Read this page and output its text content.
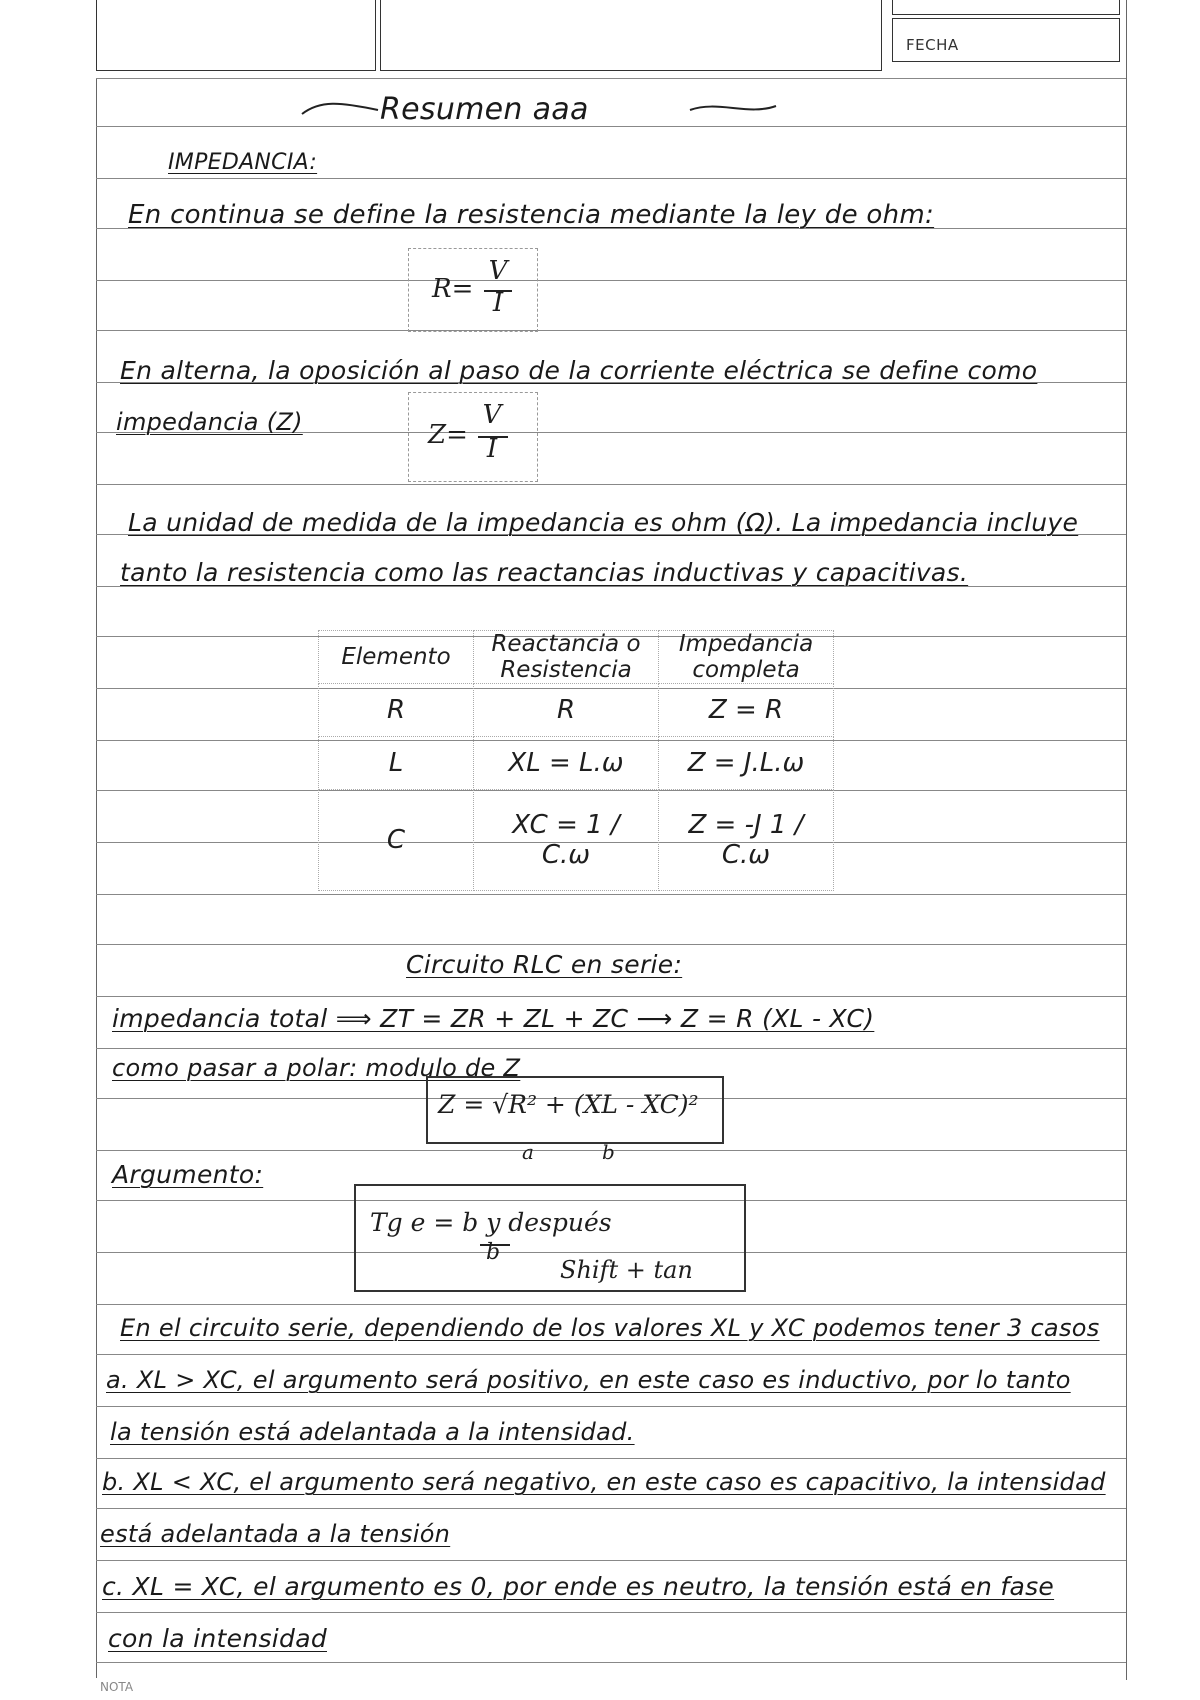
FECHA
Resumen aaa
IMPEDANCIA:
En continua se define la resistencia mediante la ley de ohm:
R=
V
I
En alterna, la oposición al paso de la corriente eléctrica se define como
impedancia (Z)	Z=
V
I
La unidad de medida de la impedancia es ohm (Ω). La impedancia incluye
tanto la resistencia como las reactancias inductivas y capacitivas.
Elemento	Reactancia o Resistencia	Impedancia completa
R	R	Z = R
L	XL = L.ω	Z = J.L.ω
C	XC = 1 / C.ω	Z = -J 1 / C.ω
Circuito RLC en serie:
impedancia total ⟹ ZT = ZR + ZL + ZC ⟶ Z = R (XL - XC)
como pasar a polar: modulo de Z
Z = √R² + (XL - XC)²
a	b
Argumento:
Tg e = b y después
b
Shift + tan
En el circuito serie, dependiendo de los valores XL y XC podemos tener 3 casos
a. XL > XC, el argumento será positivo, en este caso es inductivo, por lo tanto
la tensión está adelantada a la intensidad.
b. XL < XC, el argumento será negativo, en este caso es capacitivo, la intensidad
está adelantada a la tensión
c. XL = XC, el argumento es 0, por ende es neutro, la tensión está en fase
con la intensidad
NOTA
